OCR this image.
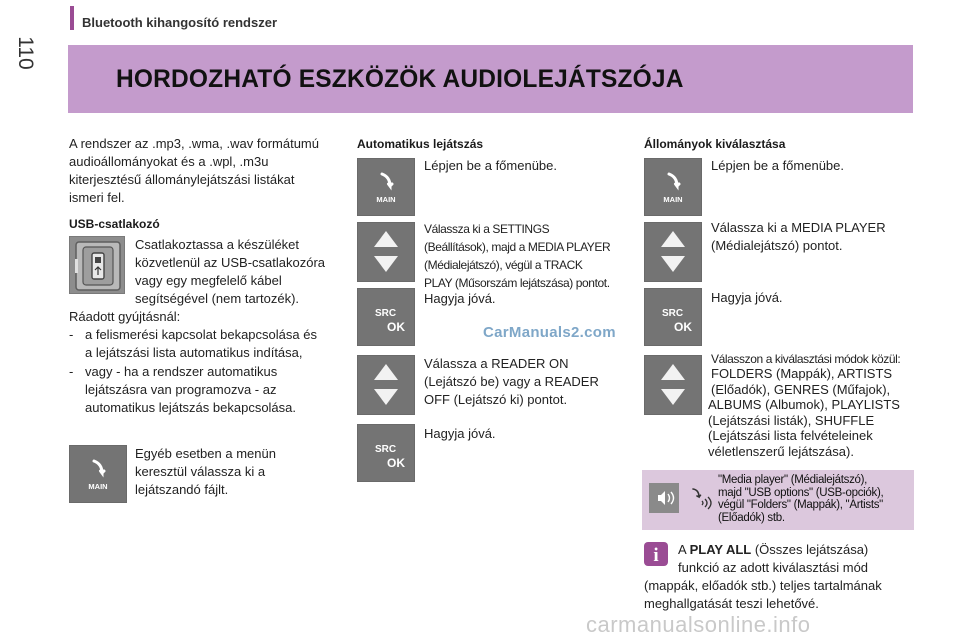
Bluetooth kihangosító rendszer
110
HORDOZHATÓ ESZKÖZÖK AUDIOLEJÁTSZÓJA
A rendszer az .mp3, .wma, .wav formátumú
audioállományokat és a .wpl, .m3u
kiterjesztésű állománylejátszási listákat
ismeri fel.
USB-csatlakozó
Csatlakoztassa a készüléket
közvetlenül az USB-csatlakozóra
vagy egy megfelelő kábel
segítségével (nem tartozék).
Ráadott gyújtásnál:
- a felismerési kapcsolat bekapcsolása és
a lejátszási lista automatikus indítása,
- vagy - ha a rendszer automatikus
lejátszásra van programozva - az
automatikus lejátszás bekapcsolása.
MAIN
Egyéb esetben a menün
keresztül válassza ki a
lejátszandó fájlt.
Automatikus lejátszás
MAIN
Lépjen be a főmenübe.
Válassza ki a SETTINGS
(Beállítások), majd a MEDIA PLAYER
(Médialejátszó), végül a TRACK
PLAY (Műsorszám lejátszása) pontot.
SRC
OK
Hagyja jóvá.
Válassza a READER ON
(Lejátszó be) vagy a READER
OFF (Lejátszó ki) pontot.
SRC
OK
Hagyja jóvá.
CarManuals2.com
Állományok kiválasztása
MAIN
Lépjen be a főmenübe.
Válassza ki a MEDIA PLAYER
(Médialejátszó) pontot.
SRC
OK
Hagyja jóvá.
Válasszon a kiválasztási módok közül:
FOLDERS (Mappák), ARTISTS
(Előadók), GENRES (Műfajok),
ALBUMS (Albumok), PLAYLISTS
(Lejátszási listák), SHUFFLE
(Lejátszási lista felvételeinek
véletlenszerű lejátszása).
"Media player" (Médialejátszó),
majd "USB options" (USB-opciók),
végül "Folders" (Mappák), "Artists"
(Előadók) stb.
i A PLAY ALL (Összes lejátszása)
funkció az adott kiválasztási mód
(mappák, előadók stb.) teljes tartalmának
meghallgatását teszi lehetővé.
carmanualsonline.info
